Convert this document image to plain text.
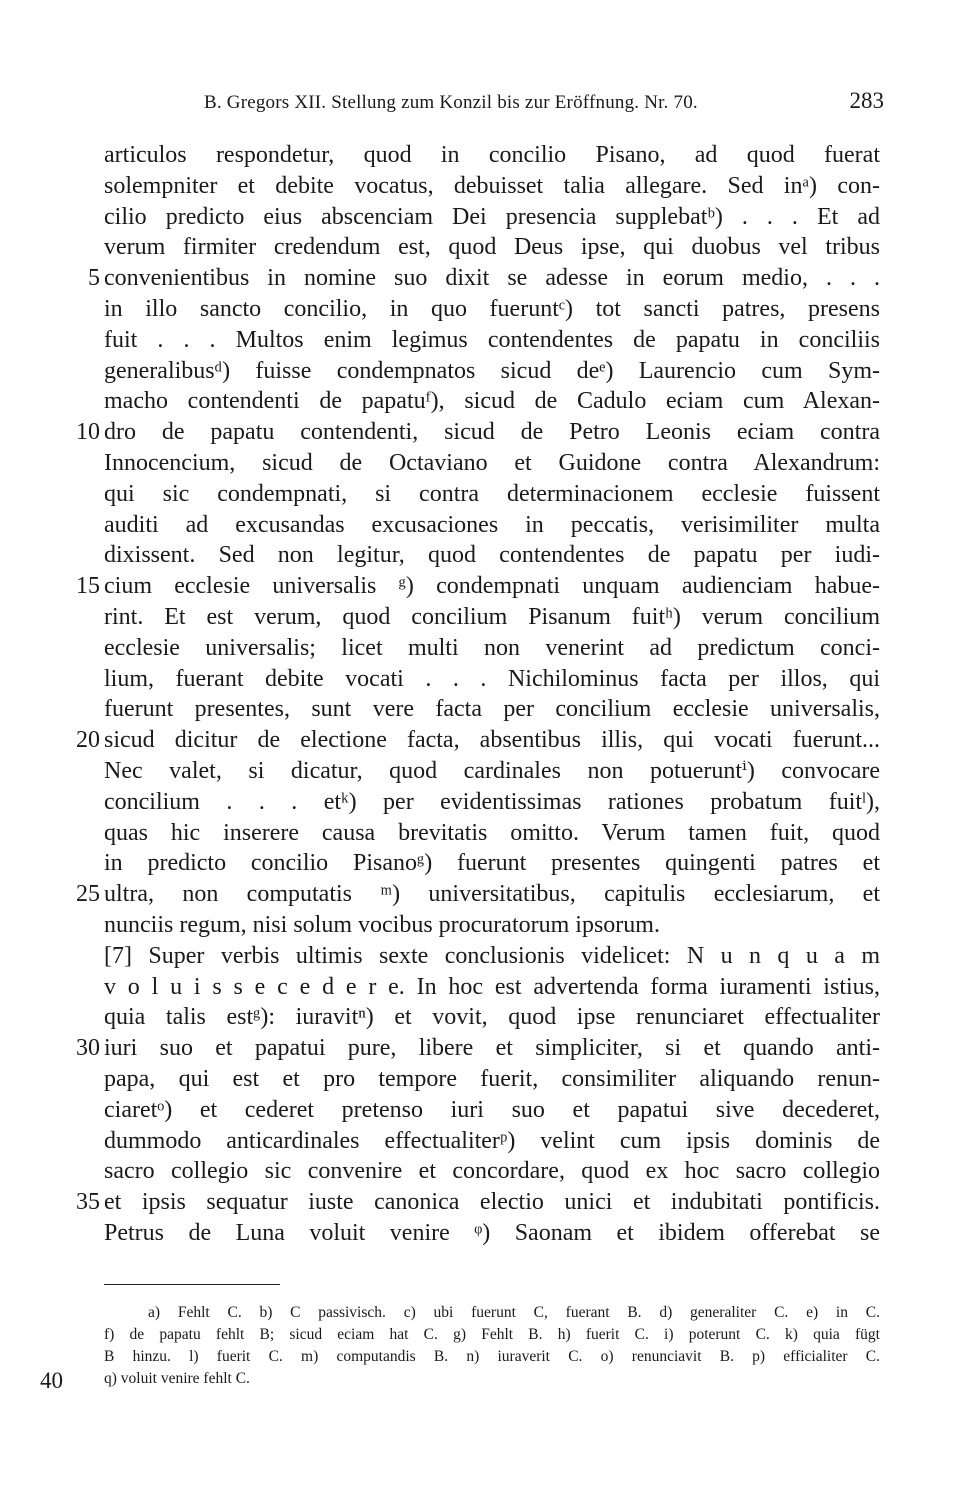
B. Gregors XII. Stellung zum Konzil bis zur Eröffnung. Nr. 70.	283
articulos respondetur, quod in concilio Pisano, ad quod fuerat
solempniter et debite vocatus, debuisset talia allegare. Sed inᵃ) con-
cilio predicto eius abscenciam Dei presencia supplebatᵇ) . . . Et ad
verum firmiter credendum est, quod Deus ipse, qui duobus vel tribus
5 convenientibus in nomine suo dixit se adesse in eorum medio, . . .
in illo sancto concilio, in quo fueruntᶜ) tot sancti patres, presens
fuit . . . Multos enim legimus contendentes de papatu in conciliis
generalibusᵈ) fuisse condempnatos sicud deᵉ) Laurencio cum Sym-
macho contendenti de papatuᶠ), sicud de Cadulo eciam cum Alexan-
10 dro de papatu contendenti, sicud de Petro Leonis eciam contra
Innocencium, sicud de Octaviano et Guidone contra Alexandrum:
qui sic condempnati, si contra determinacionem ecclesie fuissent
auditi ad excusandas excusaciones in peccatis, verisimiliter multa
dixissent. Sed non legitur, quod contendentes de papatu per iudi-
15 cium ecclesie universalis ᵍ) condempnati unquam audienciam habue-
rint. Et est verum, quod concilium Pisanum fuitʰ) verum concilium
ecclesie universalis; licet multi non venerint ad predictum conci-
lium, fuerant debite vocati . . . Nichilominus facta per illos, qui
fuerunt presentes, sunt vere facta per concilium ecclesie universalis,
20 sicud dicitur de electione facta, absentibus illis, qui vocati fuerunt...
Nec valet, si dicatur, quod cardinales non potueruntⁱ) convocare
concilium . . . etᵏ) per evidentissimas rationes probatum fuitˡ),
quas hic inserere causa brevitatis omitto. Verum tamen fuit, quod
in predicto concilio Pisanoᵍ) fuerunt presentes quingenti patres et
25 ultra, non computatis ᵐ) universitatibus, capitulis ecclesiarum, et
nunciis regum, nisi solum vocibus procuratorum ipsorum.
[7] Super verbis ultimis sexte conclusionis videlicet: N u n q u a m
v o l u i s s e c e d e r e. In hoc est advertenda forma iuramenti istius,
quia talis estᵍ): iuravitⁿ) et vovit, quod ipse renunciaret effectualiter
30 iuri suo et papatui pure, libere et simpliciter, si et quando anti-
papa, qui est et pro tempore fuerit, consimiliter aliquando renun-
ciaretᵒ) et cederet pretenso iuri suo et papatui sive decederet,
dummodo anticardinales effectualiterᵖ) velint cum ipsis dominis de
sacro collegio sic convenire et concordare, quod ex hoc sacro collegio
35 et ipsis sequatur iuste canonica electio unici et indubitati pontificis.
Petrus de Luna voluit venire ᵠ) Saonam et ibidem offerebat se
a) Fehlt C. b) C passivisch. c) ubi fuerunt C, fuerant B. d) generaliter C. e) in C.
f) de papatu fehlt B; sicud eciam hat C. g) Fehlt B. h) fuerit C. i) poterunt C. k) quia fügt
B hinzu. l) fuerit C. m) computandis B. n) iuraverit C. o) renunciavit B. p) efficialiter C.
40	q) voluit venire fehlt C.
